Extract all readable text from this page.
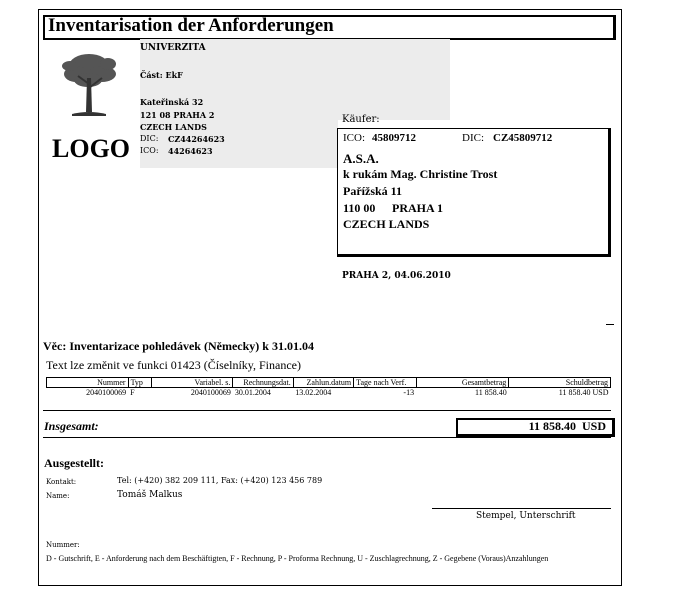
Inventarisation der Anforderungen
LOGO
UNIVERZITA
Část: EkF
Kateřinská 32
121 08 PRAHA 2
CZECH LANDS
DIC: CZ44264623
ICO: 44264623
Käufer:
ICO: 45809712	DIC: CZ45809712
A.S.A.
k rukám Mag. Christine Trost
Pařížská 11
110 00 PRAHA 1
CZECH LANDS
PRAHA 2, 04.06.2010
Věc: Inventarizace pohledávek (Německy) k 31.01.04
Text lze změnit ve funkci 01423 (Číselníky, Finance)
Nummer	Typ	Variabel. s.	Rechnungsdat.	Zahlun.datum	Tage nach Verf.	Gesamtbetrag	Schuldbetrag
2040100069	F	2040100069	30.01.2004	13.02.2004	-13	11 858.40	11 858.40 USD
Insgesamt:	11 858.40  USD
Ausgestellt:
Kontakt:	Tel: (+420) 382 209 111, Fax: (+420) 123 456 789
Name:	Tomáš Malkus
Stempel, Unterschrift
Nummer:
D - Gutschrift, E - Anforderung nach dem Beschäftigten, F - Rechnung, P - Proforma Rechnung, U - Zuschlagrechnung, Z - Gegebene (Voraus)Anzahlungen
